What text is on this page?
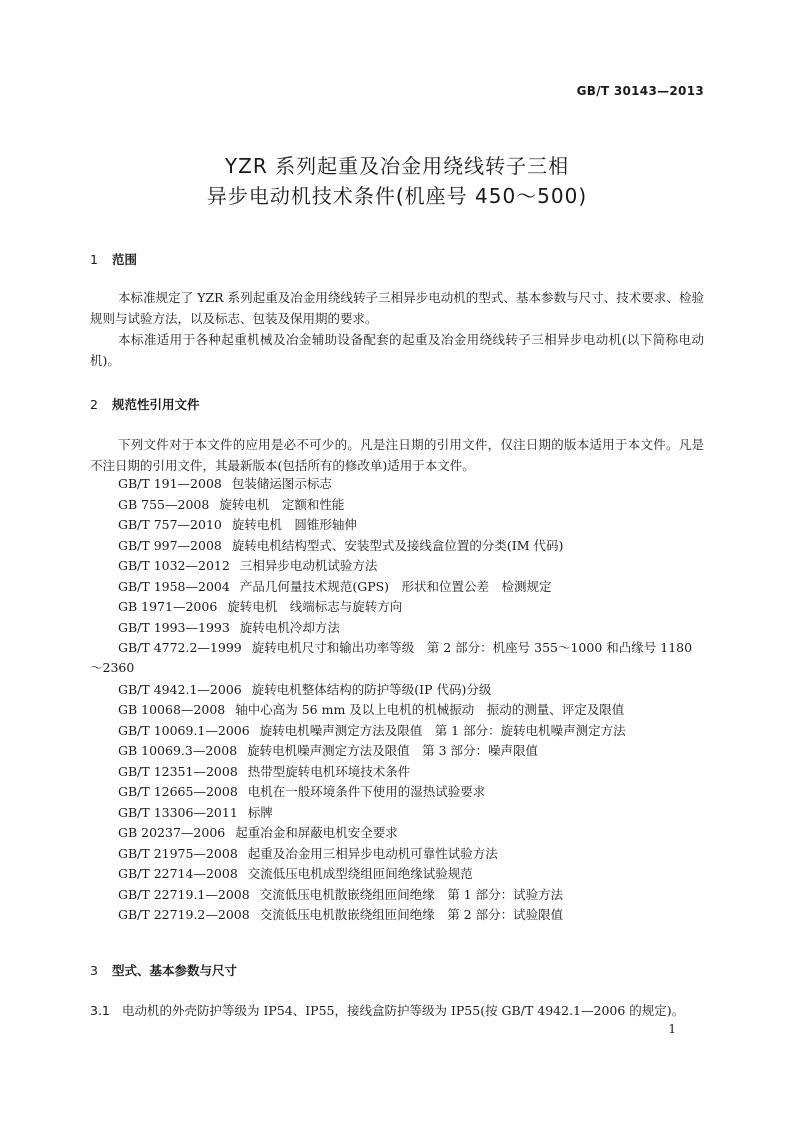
GB/T 30143—2013
YZR 系列起重及冶金用绕线转子三相
异步电动机技术条件(机座号 450～500)
1 范围
本标准规定了 YZR 系列起重及冶金用绕线转子三相异步电动机的型式、基本参数与尺寸、技术要求、检验规则与试验方法，以及标志、包装及保用期的要求。
本标准适用于各种起重机械及冶金辅助设备配套的起重及冶金用绕线转子三相异步电动机(以下简称电动机)。
2 规范性引用文件
下列文件对于本文件的应用是必不可少的。凡是注日期的引用文件，仅注日期的版本适用于本文件。凡是不注日期的引用文件，其最新版本(包括所有的修改单)适用于本文件。
GB/T 191—2008 包装储运图示标志
GB 755—2008 旋转电机　定额和性能
GB/T 757—2010 旋转电机　圆锥形轴伸
GB/T 997—2008 旋转电机结构型式、安装型式及接线盒位置的分类(IM 代码)
GB/T 1032—2012 三相异步电动机试验方法
GB/T 1958—2004 产品几何量技术规范(GPS)　形状和位置公差　检测规定
GB 1971—2006 旋转电机　线端标志与旋转方向
GB/T 1993—1993 旋转电机冷却方法
GB/T 4772.2—1999 旋转电机尺寸和输出功率等级　第 2 部分：机座号 355～1000 和凸缘号 1180～2360
GB/T 4942.1—2006 旋转电机整体结构的防护等级(IP 代码)分级
GB 10068—2008 轴中心高为 56 mm 及以上电机的机械振动　振动的测量、评定及限值
GB/T 10069.1—2006 旋转电机噪声测定方法及限值　第 1 部分：旋转电机噪声测定方法
GB 10069.3—2008 旋转电机噪声测定方法及限值　第 3 部分：噪声限值
GB/T 12351—2008 热带型旋转电机环境技术条件
GB/T 12665—2008 电机在一般环境条件下使用的湿热试验要求
GB/T 13306—2011 标牌
GB 20237—2006 起重冶金和屏蔽电机安全要求
GB/T 21975—2008 起重及冶金用三相异步电动机可靠性试验方法
GB/T 22714—2008 交流低压电机成型绕组匝间绝缘试验规范
GB/T 22719.1—2008 交流低压电机散嵌绕组匝间绝缘　第 1 部分：试验方法
GB/T 22719.2—2008 交流低压电机散嵌绕组匝间绝缘　第 2 部分：试验限值
3 型式、基本参数与尺寸
3.1 电动机的外壳防护等级为 IP54、IP55，接线盒防护等级为 IP55(按 GB/T 4942.1—2006 的规定)。
1
